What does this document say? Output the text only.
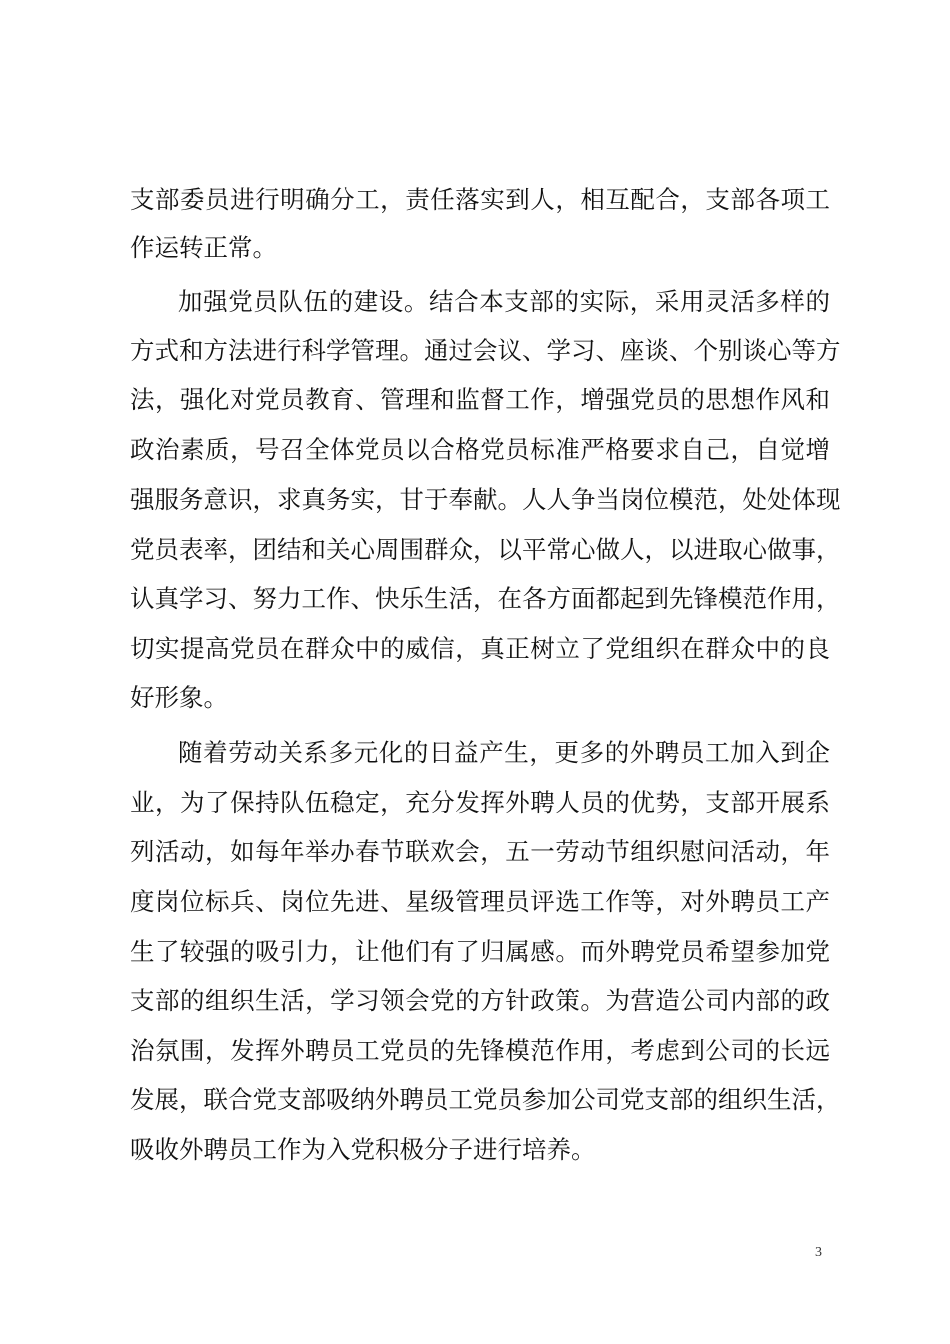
支部委员进行明确分工，责任落实到人，相互配合，支部各项工
作运转正常。
加强党员队伍的建设。结合本支部的实际，采用灵活多样的
方式和方法进行科学管理。通过会议、学习、座谈、个别谈心等方
法，强化对党员教育、管理和监督工作，增强党员的思想作风和
政治素质，号召全体党员以合格党员标准严格要求自己，自觉增
强服务意识，求真务实，甘于奉献。人人争当岗位模范，处处体现
党员表率，团结和关心周围群众，以平常心做人，以进取心做事，
认真学习、努力工作、快乐生活，在各方面都起到先锋模范作用，
切实提高党员在群众中的威信，真正树立了党组织在群众中的良
好形象。
随着劳动关系多元化的日益产生，更多的外聘员工加入到企
业，为了保持队伍稳定，充分发挥外聘人员的优势，支部开展系
列活动，如每年举办春节联欢会，五一劳动节组织慰问活动，年
度岗位标兵、岗位先进、星级管理员评选工作等，对外聘员工产
生了较强的吸引力，让他们有了归属感。而外聘党员希望参加党
支部的组织生活，学习领会党的方针政策。为营造公司内部的政
治氛围，发挥外聘员工党员的先锋模范作用，考虑到公司的长远
发展，联合党支部吸纳外聘员工党员参加公司党支部的组织生活，
吸收外聘员工作为入党积极分子进行培养。
3
